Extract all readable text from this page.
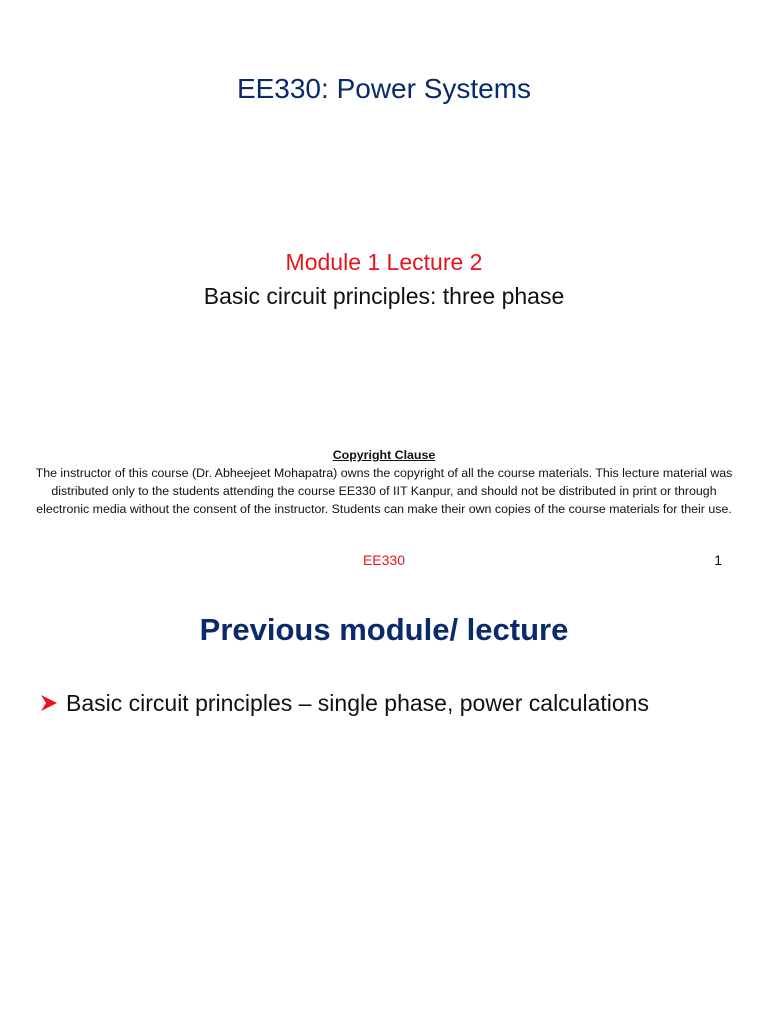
EE330: Power Systems
Module 1 Lecture 2
Basic circuit principles: three phase
Copyright Clause
The instructor of this course (Dr. Abheejeet Mohapatra) owns the copyright of all the course materials. This lecture material was distributed only to the students attending the course EE330 of IIT Kanpur, and should not be distributed in print or through electronic media without the consent of the instructor. Students can make their own copies of the course materials for their use.
EE330	1
Previous module/ lecture
Basic circuit principles – single phase, power calculations
